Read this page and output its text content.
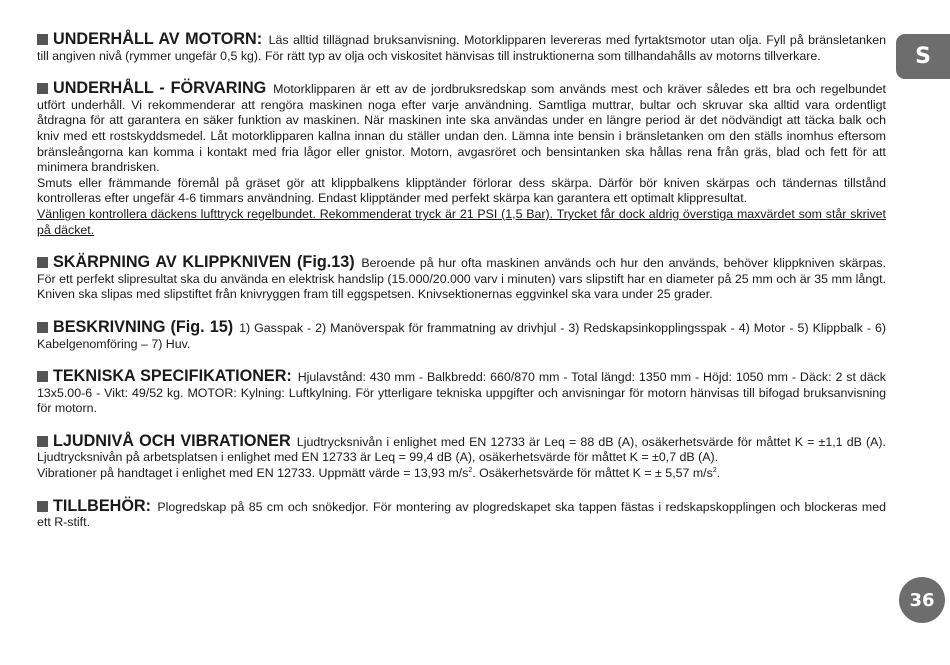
UNDERHÅLL AV MOTORN: Läs alltid tillägnad bruksanvisning. Motorklipparen levereras med fyrtaktsmotor utan olja. Fyll på bränsletanken till angiven nivå (rymmer ungefär 0,5 kg). För rätt typ av olja och viskositet hänvisas till instruktionerna som tillhandahålls av motorns tillverkare.
UNDERHÅLL - FÖRVARING Motorklipparen är ett av de jordbruksredskap som används mest och kräver således ett bra och regelbundet utfört underhåll. Vi rekommenderar att rengöra maskinen noga efter varje användning. Samtliga muttrar, bultar och skruvar ska alltid vara ordentligt åtdragna för att garantera en säker funktion av maskinen. När maskinen inte ska användas under en längre period är det nödvändigt att täcka balk och kniv med ett rostskyddsmedel. Låt motorklipparen kallna innan du ställer undan den. Lämna inte bensin i bränsletanken om den ställs inomhus eftersom bränsleångorna kan komma i kontakt med fria lågor eller gnistor. Motorn, avgasröret och bensintanken ska hållas rena från gräs, blad och fett för att minimera brandrisken.
Smuts eller främmande föremål på gräset gör att klippbalkens klipptänder förlorar dess skärpa. Därför bör kniven skärpas och tändernas tillstånd kontrolleras efter ungefär 4-6 timmars användning. Endast klipptänder med perfekt skärpa kan garantera ett optimalt klippresultat.
Vänligen kontrollera däckens lufttryck regelbundet. Rekommenderat tryck är 21 PSI (1,5 Bar). Trycket får dock aldrig överstiga maxvärdet som står skrivet på däcket.
SKÄRPNING AV KLIPPKNIVEN (Fig.13) Beroende på hur ofta maskinen används och hur den används, behöver klippkniven skärpas. För ett perfekt slipresultat ska du använda en elektrisk handslip (15.000/20.000 varv i minuten) vars slipstift har en diameter på 25 mm och är 35 mm långt. Kniven ska slipas med slipstiftet från knivryggen fram till eggspetsen. Knivsektionernas eggvinkel ska vara under 25 grader.
BESKRIVNING (Fig. 15) 1) Gasspak - 2) Manöverspak för frammatning av drivhjul - 3) Redskapsinkopplingsspak - 4) Motor - 5) Klippbalk - 6) Kabelgenomföring – 7) Huv.
TEKNISKA SPECIFIKATIONER: Hjulavstånd: 430 mm - Balkbredd: 660/870 mm - Total längd: 1350 mm - Höjd: 1050 mm - Däck: 2 st däck 13x5.00-6 - Vikt: 49/52 kg. MOTOR: Kylning: Luftkylning. För ytterligare tekniska uppgifter och anvisningar för motorn hänvisas till bifogad bruksanvisning för motorn.
LJUDNIVÅ OCH VIBRATIONER Ljudtrycksnivån i enlighet med EN 12733 är Leq = 88 dB (A), osäkerhetsvärde för måttet K = ±1,1 dB (A). Ljudtrycksnivån på arbetsplatsen i enlighet med EN 12733 är Leq = 99,4 dB (A), osäkerhetsvärde för måttet K = ±0,7 dB (A).
Vibrationer på handtaget i enlighet med EN 12733. Uppmätt värde = 13,93 $m/s^2$. Osäkerhetsvärde för måttet K = ± 5,57 $m/s^2$.
TILLBEHÖR: Plogredskap på 85 cm och snökedjor. För montering av plogredskapet ska tappen fästas i redskapskopplingen och blockeras med ett R-stift.
S
36
